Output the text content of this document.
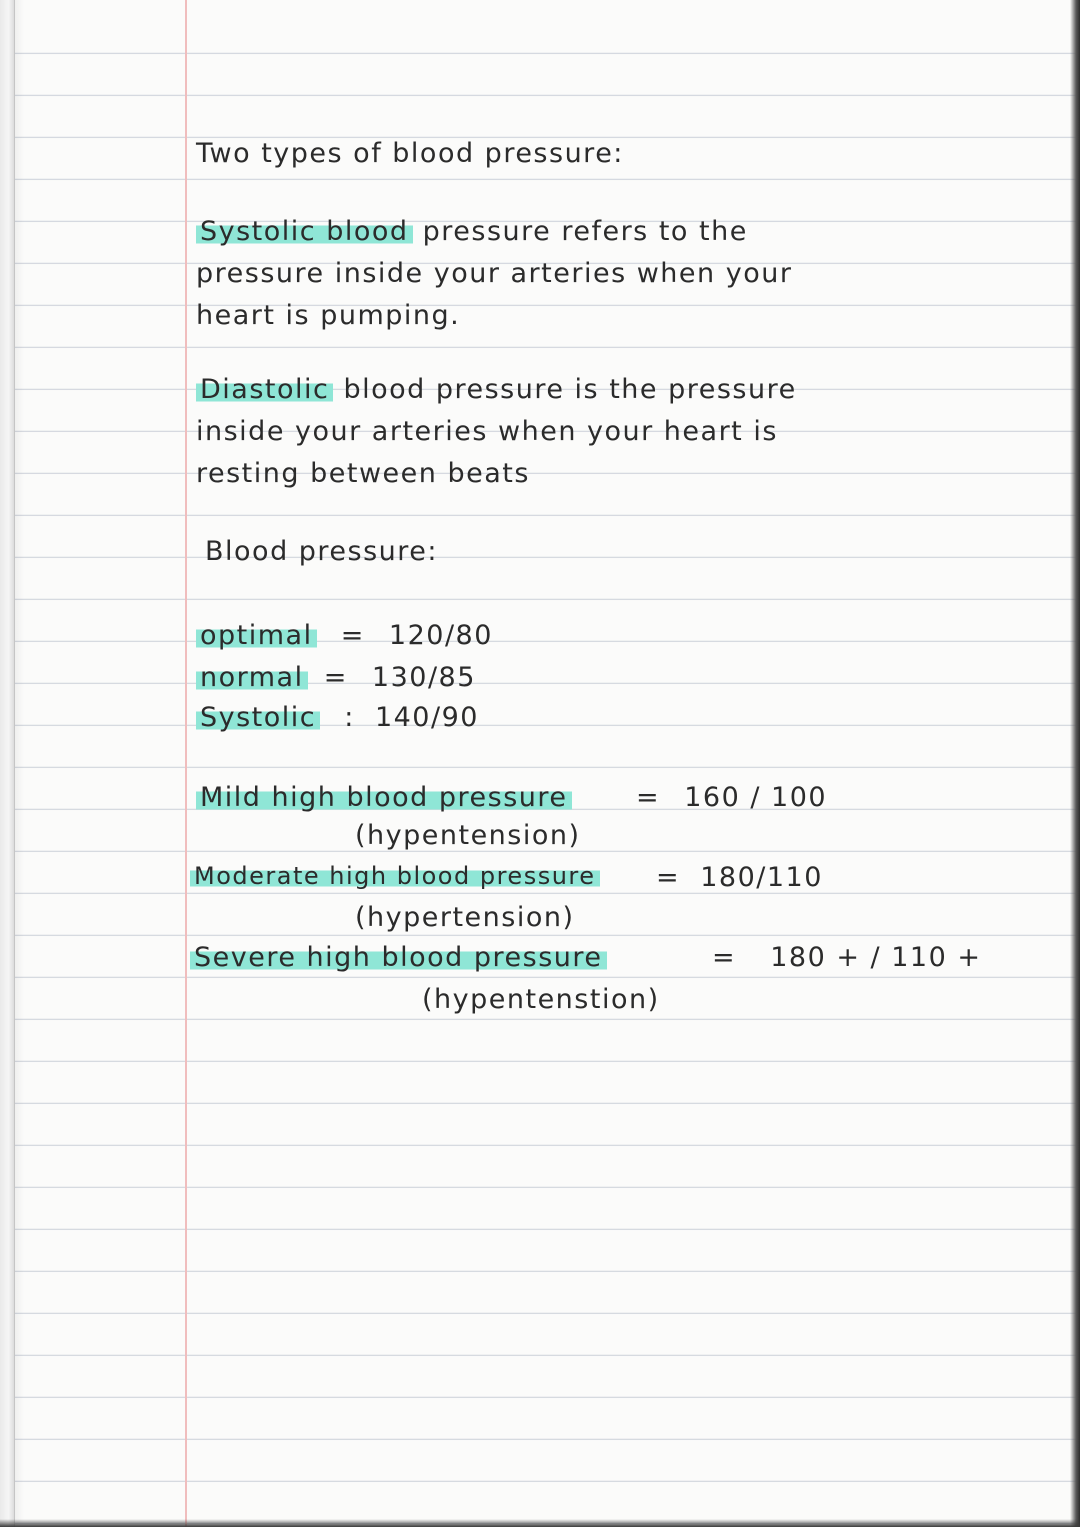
Two types of blood pressure:
Systolic blood pressure refers to the
pressure inside your arteries when your
heart is pumping.
Diastolic blood pressure is the pressure
inside your arteries when your heart is
resting between beats
Blood pressure:
optimal = 120/80
normal = 130/85
Systolic : 140/90
Mild high blood pressure	= 160 / 100
(hypentension)
Moderate high blood pressure = 180/110
(hypertension)
Severe high blood pressure	= 180 + / 110 +
(hypentenstion)
